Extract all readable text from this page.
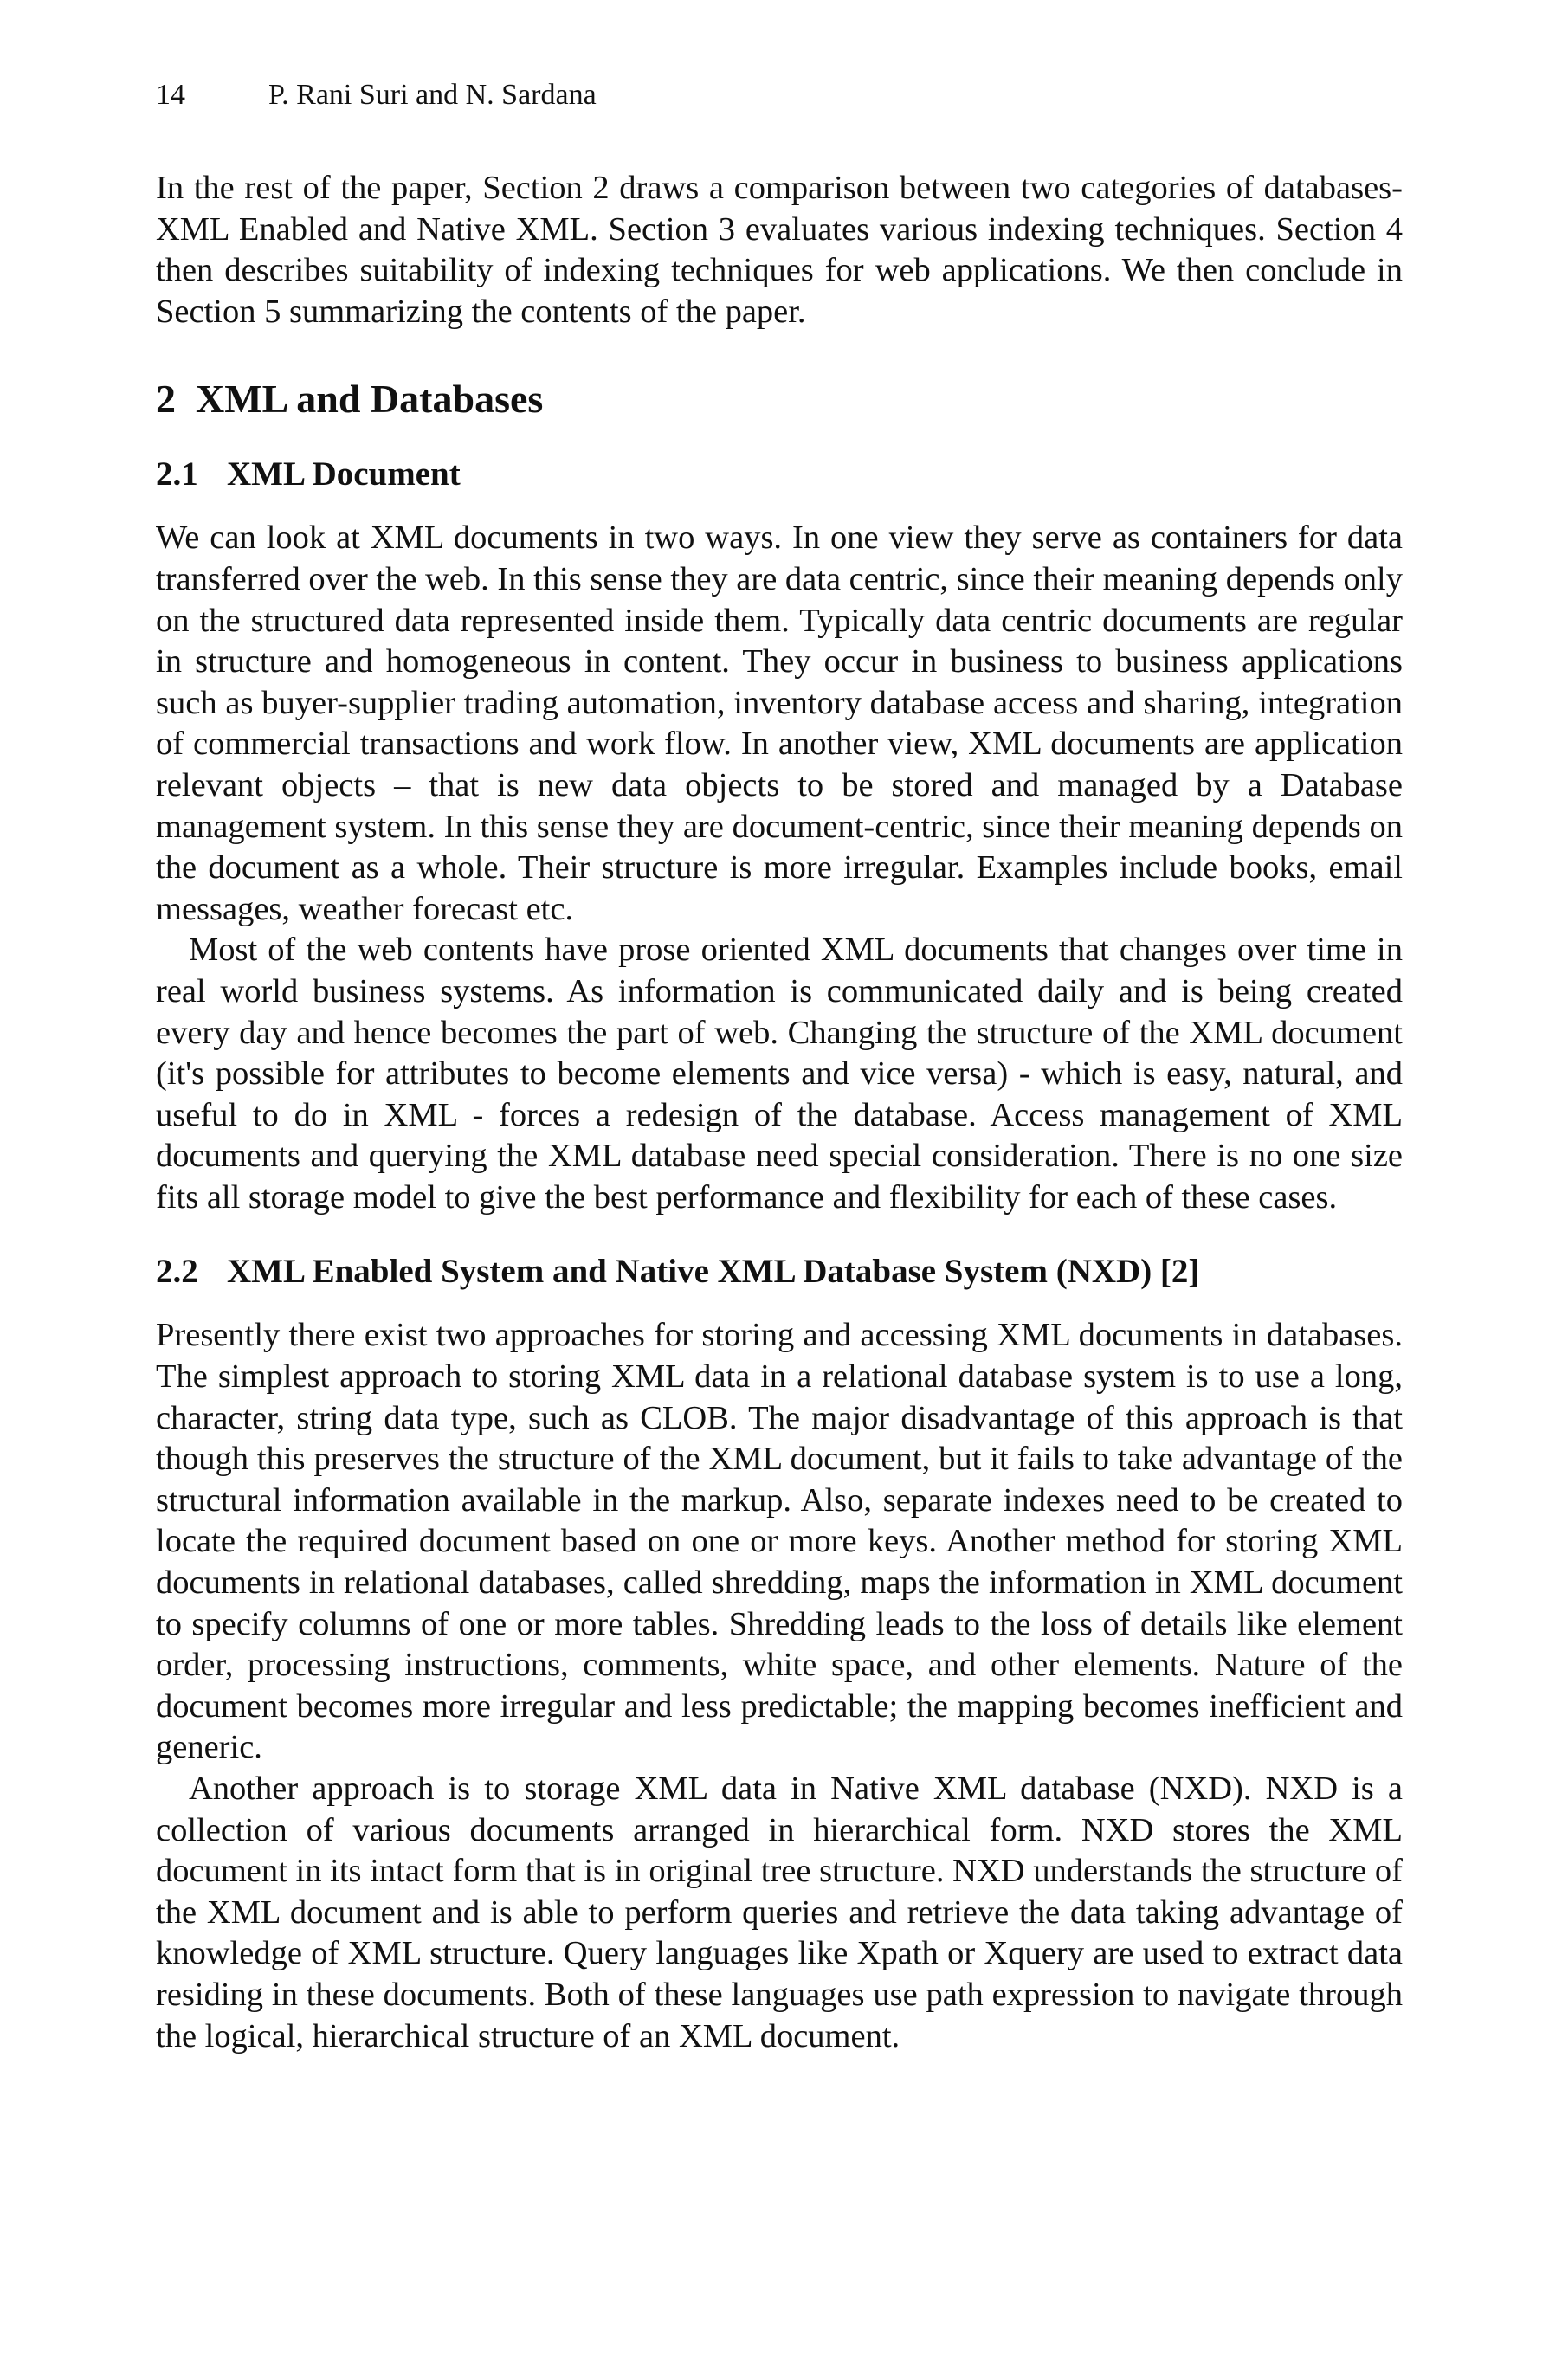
14	P. Rani Suri and N. Sardana

In the rest of the paper, Section 2 draws a comparison between two categories of databases- XML Enabled and Native XML. Section 3 evaluates various indexing techniques. Section 4 then describes suitability of indexing techniques for web applications. We then conclude in Section 5 summarizing the contents of the paper.

2 XML and Databases
2.1 XML Document

We can look at XML documents in two ways. In one view they serve as containers for data transferred over the web. In this sense they are data centric, since their meaning depends only on the structured data represented inside them. Typically data centric documents are regular in structure and homogeneous in content. They occur in business to business applications such as buyer-supplier trading automation, inventory database access and sharing, integration of commercial transactions and work flow. In another view, XML documents are application relevant objects – that is new data objects to be stored and managed by a Database management system. In this sense they are document-centric, since their meaning depends on the document as a whole. Their structure is more irregular. Examples include books, email messages, weather forecast etc.

Most of the web contents have prose oriented XML documents that changes over time in real world business systems. As information is communicated daily and is being created every day and hence becomes the part of web. Changing the structure of the XML document (it's possible for attributes to become elements and vice versa) - which is easy, natural, and useful to do in XML - forces a redesign of the database. Access management of XML documents and querying the XML database need special consideration. There is no one size fits all storage model to give the best performance and flexibility for each of these cases.

2.2 XML Enabled System and Native XML Database System (NXD) [2]

Presently there exist two approaches for storing and accessing XML documents in databases. The simplest approach to storing XML data in a relational database system is to use a long, character, string data type, such as CLOB. The major disadvantage of this approach is that though this preserves the structure of the XML document, but it fails to take advantage of the structural information available in the markup. Also, separate indexes need to be created to locate the required document based on one or more keys. Another method for storing XML documents in relational databases, called shredding, maps the information in XML document to specify columns of one or more tables. Shredding leads to the loss of details like element order, processing instructions, comments, white space, and other elements. Nature of the document becomes more irregular and less predictable; the mapping becomes inefficient and generic.

Another approach is to storage XML data in Native XML database (NXD). NXD is a collection of various documents arranged in hierarchical form. NXD stores the XML document in its intact form that is in original tree structure. NXD understands the structure of the XML document and is able to perform queries and retrieve the data taking advantage of knowledge of XML structure. Query languages like Xpath or Xquery are used to extract data residing in these documents. Both of these languages use path expression to navigate through the logical, hierarchical structure of an XML document.
